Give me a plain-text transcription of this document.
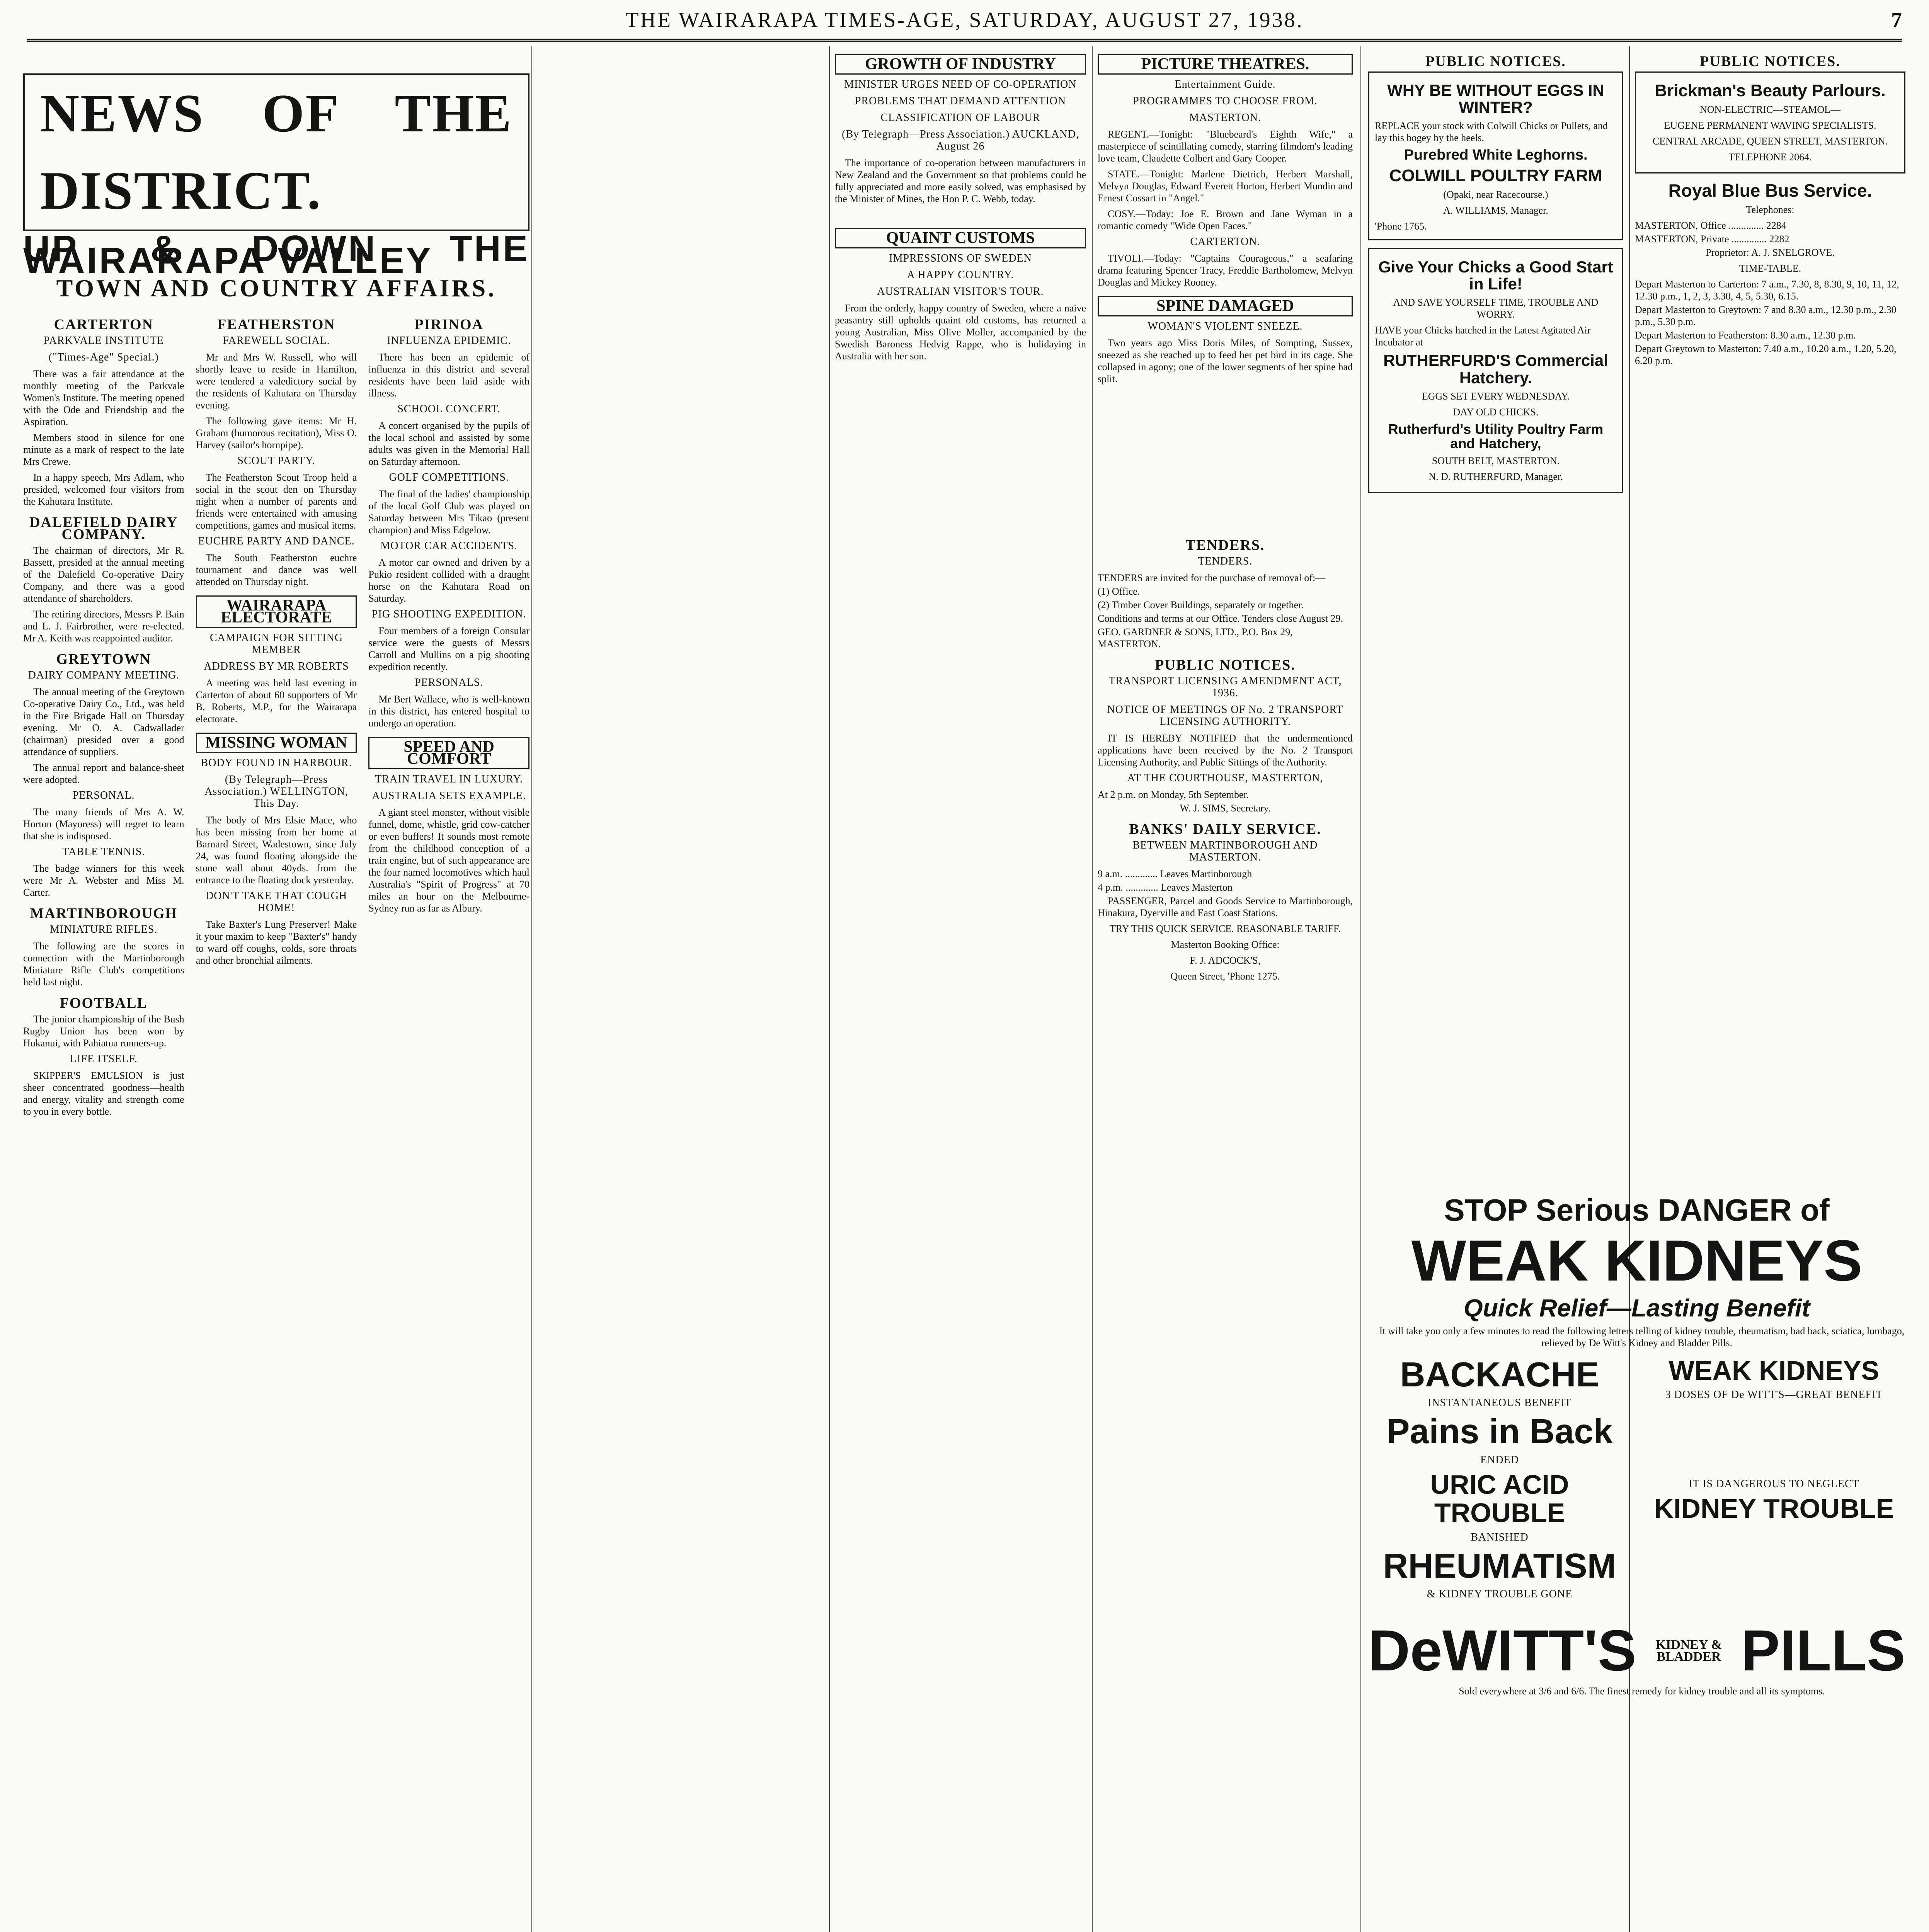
THE WAIRARAPA TIMES-AGE, SATURDAY, AUGUST 27, 1938.	7
NEWS OF THE DISTRICT.
UP & DOWN THE WAIRARAPA VALLEY
TOWN AND COUNTRY AFFAIRS.
CARTERTON
PARKVALE INSTITUTE
("Times-Age" Special.)

There was a fair attendance at the monthly meeting of the Parkvale Women's Institute. The meeting opened with the Ode and Friendship and the Aspiration.

Members stood in silence for one minute as a mark of respect to the late Mrs Crewe.

In a happy speech, Mrs Adlam, who presided, welcomed four visitors from the Kahutara Institute.

DALEFIELD DAIRY COMPANY.

The chairman of directors, Mr R. Bassett, presided at the annual meeting of the Dalefield Co-operative Dairy Company, and there was a good attendance of shareholders.

The retiring directors, Messrs P. Bain and L. J. Fairbrother, were re-elected. Mr A. Keith was reappointed auditor.

GREYTOWN
DAIRY COMPANY MEETING.

The annual meeting of the Greytown Co-operative Dairy Co., Ltd., was held in the Fire Brigade Hall on Thursday evening. Mr O. A. Cadwallader (chairman) presided over a good attendance of suppliers.

The annual report and balance-sheet were adopted.

PERSONAL.

The many friends of Mrs A. W. Horton (Mayoress) will regret to learn that she is indisposed.

TABLE TENNIS.

The badge winners for this week were Mr A. Webster and Miss M. Carter.

MARTINBOROUGH
MINIATURE RIFLES.

The following are the scores in connection with the Martinborough Miniature Rifle Club's competitions held last night.

FOOTBALL

The junior championship of the Bush Rugby Union has been won by Hukanui, with Pahiatua runners-up.

LIFE ITSELF.

SKIPPER'S EMULSION is just sheer concentrated goodness—health and energy, vitality and strength come to you in every bottle.

FEATHERSTON
FAREWELL SOCIAL.

Mr and Mrs W. Russell, who will shortly leave to reside in Hamilton, were tendered a valedictory social by the residents of Kahutara on Thursday evening.

The following gave items: Mr H. Graham (humorous recitation), Miss O. Harvey (sailor's hornpipe).

SCOUT PARTY.

The Featherston Scout Troop held a social in the scout den on Thursday night when a number of parents and friends were entertained with amusing competitions, games and musical items.

EUCHRE PARTY AND DANCE.

The South Featherston euchre tournament and dance was well attended on Thursday night.

WAIRARAPA ELECTORATE
CAMPAIGN FOR SITTING MEMBER
ADDRESS BY MR ROBERTS

A meeting was held last evening in Carterton of about 60 supporters of Mr B. Roberts, M.P., for the Wairarapa electorate.

MISSING WOMAN
BODY FOUND IN HARBOUR.
(By Telegraph—Press Association.) WELLINGTON, This Day.

The body of Mrs Elsie Mace, who has been missing from her home at Barnard Street, Wadestown, since July 24, was found floating alongside the stone wall about 40yds. from the entrance to the floating dock yesterday.

DON'T TAKE THAT COUGH HOME!

Take Baxter's Lung Preserver! Make it your maxim to keep "Baxter's" handy to ward off coughs, colds, sore throats and other bronchial ailments.

PIRINOA
INFLUENZA EPIDEMIC.

There has been an epidemic of influenza in this district and several residents have been laid aside with illness.

SCHOOL CONCERT.

A concert organised by the pupils of the local school and assisted by some adults was given in the Memorial Hall on Saturday afternoon.

GOLF COMPETITIONS.

The final of the ladies' championship of the local Golf Club was played on Saturday between Mrs Tikao (present champion) and Miss Edgelow.

MOTOR CAR ACCIDENTS.

A motor car owned and driven by a Pukio resident collided with a draught horse on the Kahutara Road on Saturday.

PIG SHOOTING EXPEDITION.

Four members of a foreign Consular service were the guests of Messrs Carroll and Mullins on a pig shooting expedition recently.

PERSONALS.

Mr Bert Wallace, who is well-known in this district, has entered hospital to undergo an operation.

SPEED AND COMFORT
TRAIN TRAVEL IN LUXURY.
AUSTRALIA SETS EXAMPLE.

A giant steel monster, without visible funnel, dome, whistle, grid cow-catcher or even buffers! It sounds most remote from the childhood conception of a train engine, but of such appearance are the four named locomotives which haul Australia's "Spirit of Progress" at 70 miles an hour on the Melbourne-Sydney run as far as Albury.

GROWTH OF INDUSTRY
MINISTER URGES NEED OF CO-OPERATION
PROBLEMS THAT DEMAND ATTENTION
CLASSIFICATION OF LABOUR
(By Telegraph—Press Association.) AUCKLAND, August 26

The importance of co-operation between manufacturers in New Zealand and the Government so that problems could be fully appreciated and more easily solved, was emphasised by the Minister of Mines, the Hon P. C. Webb, today.

QUAINT CUSTOMS
IMPRESSIONS OF SWEDEN
A HAPPY COUNTRY.
AUSTRALIAN VISITOR'S TOUR.

From the orderly, happy country of Sweden, where a naive peasantry still upholds quaint old customs, has returned a young Australian, Miss Olive Moller, accompanied by the Swedish Baroness Hedvig Rappe, who is holidaying in Australia with her son.

PICTURE THEATRES.
Entertainment Guide.
PROGRAMMES TO CHOOSE FROM.
MASTERTON.

REGENT.—Tonight: "Bluebeard's Eighth Wife," a masterpiece of scintillating comedy, starring filmdom's leading love team, Claudette Colbert and Gary Cooper.

STATE.—Tonight: Marlene Dietrich, Herbert Marshall, Melvyn Douglas, Edward Everett Horton, Herbert Mundin and Ernest Cossart in "Angel."

COSY.—Today: Joe E. Brown and Jane Wyman in a romantic comedy "Wide Open Faces."

CARTERTON.

TIVOLI.—Today: "Captains Courageous," a seafaring drama featuring Spencer Tracy, Freddie Bartholomew, Melvyn Douglas and Mickey Rooney.

SPINE DAMAGED
WOMAN'S VIOLENT SNEEZE.

Two years ago Miss Doris Miles, of Sompting, Sussex, sneezed as she reached up to feed her pet bird in its cage. She collapsed in agony; one of the lower segments of her spine had split.

TENDERS.
TENDERS.

TENDERS are invited for the purchase of removal of:—

(1) Office.

(2) Timber Cover Buildings, separately or together.

Conditions and terms at our Office. Tenders close August 29.

GEO. GARDNER & SONS, LTD., P.O. Box 29, MASTERTON.

PUBLIC NOTICES.
TRANSPORT LICENSING AMENDMENT ACT, 1936.
NOTICE OF MEETINGS OF No. 2 TRANSPORT LICENSING AUTHORITY.

IT IS HEREBY NOTIFIED that the undermentioned applications have been received by the No. 2 Transport Licensing Authority, and Public Sittings of the Authority.

AT THE COURTHOUSE, MASTERTON,

At 2 p.m. on Monday, 5th September.

W. J. SIMS, Secretary.

BANKS' DAILY SERVICE.
BETWEEN MARTINBOROUGH AND MASTERTON.

9 a.m. ............. Leaves Martinborough

4 p.m. ............. Leaves Masterton

PASSENGER, Parcel and Goods Service to Martinborough, Hinakura, Dyerville and East Coast Stations.

TRY THIS QUICK SERVICE. REASONABLE TARIFF.

Masterton Booking Office:

F. J. ADCOCK'S,

Queen Street, 'Phone 1275.

PUBLIC NOTICES.
WHY BE WITHOUT EGGS IN WINTER?

REPLACE your stock with Colwill Chicks or Pullets, and lay this bogey by the heels.

Purebred White Leghorns.
COLWILL POULTRY FARM

(Opaki, near Racecourse.)

A. WILLIAMS, Manager.

'Phone 1765.

Give Your Chicks a Good Start in Life!

AND SAVE YOURSELF TIME, TROUBLE AND WORRY.

HAVE your Chicks hatched in the Latest Agitated Air Incubator at

RUTHERFURD'S Commercial Hatchery.

EGGS SET EVERY WEDNESDAY.

DAY OLD CHICKS.

Rutherfurd's Utility Poultry Farm and Hatchery,

SOUTH BELT, MASTERTON.

N. D. RUTHERFURD, Manager.

PUBLIC NOTICES.
Brickman's Beauty Parlours.

NON-ELECTRIC—STEAMOL—

EUGENE PERMANENT WAVING SPECIALISTS.

CENTRAL ARCADE, QUEEN STREET, MASTERTON.

TELEPHONE 2064.

Royal Blue Bus Service.

Telephones:

MASTERTON, Office .............. 2284

MASTERTON, Private .............. 2282

Proprietor: A. J. SNELGROVE.

TIME-TABLE.

Depart Masterton to Carterton: 7 a.m., 7.30, 8, 8.30, 9, 10, 11, 12, 12.30 p.m., 1, 2, 3, 3.30, 4, 5, 5.30, 6.15.

Depart Masterton to Greytown: 7 and 8.30 a.m., 12.30 p.m., 2.30 p.m., 5.30 p.m.

Depart Masterton to Featherston: 8.30 a.m., 12.30 p.m.

Depart Greytown to Masterton: 7.40 a.m., 10.20 a.m., 1.20, 5.20, 6.20 p.m.

STOP Serious DANGER of
WEAK KIDNEYS
Quick Relief—Lasting Benefit

It will take you only a few minutes to read the following letters telling of kidney trouble, rheumatism, bad back, sciatica, lumbago, relieved by De Witt's Kidney and Bladder Pills.

BACKACHE
INSTANTANEOUS BENEFIT
Pains in Back
ENDED
URIC ACID TROUBLE
BANISHED
RHEUMATISM
& KIDNEY TROUBLE GONE
WEAK KIDNEYS
3 DOSES OF De WITT'S—GREAT BENEFIT
IT IS DANGEROUS TO NEGLECT
KIDNEY TROUBLE
DeWITT'S	KIDNEY & BLADDER PILLS

Sold everywhere at 3/6 and 6/6. The finest remedy for kidney trouble and all its symptoms.
